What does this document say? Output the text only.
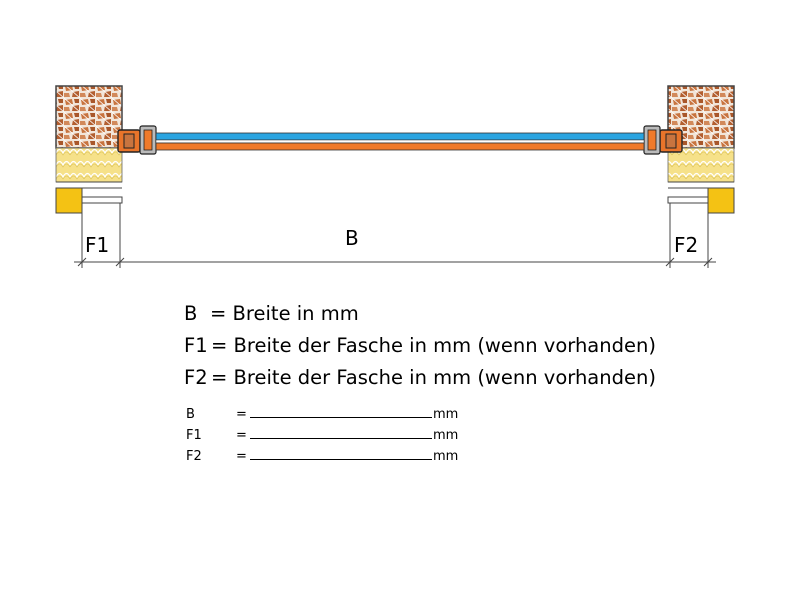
F1	B	F2
B = Breite in mm
F1 = Breite der Fasche in mm (wenn vorhanden)
F2 = Breite der Fasche in mm (wenn vorhanden)
B	=	mm
F1	=	mm
F2	=	mm
